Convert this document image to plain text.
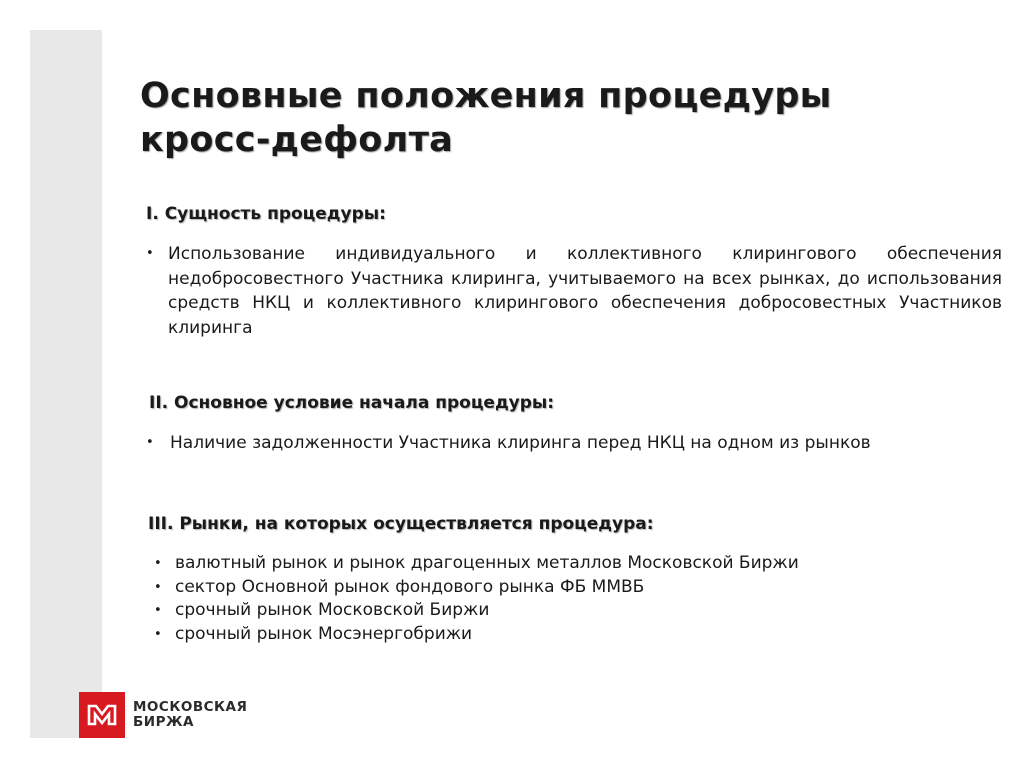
Основные положения процедуры кросс-дефолта

I. Сущность процедуры:

• Использование индивидуального и коллективного клирингового обеспечения недобросовестного Участника клиринга, учитываемого на всех рынках, до использования средств НКЦ и коллективного клирингового обеспечения добросовестных Участников клиринга

II. Основное условие начала процедуры:

• Наличие задолженности Участника клиринга перед НКЦ на одном из рынков

III. Рынки, на которых осуществляется процедура:

• валютный рынок и рынок драгоценных металлов Московской Биржи
• сектор Основной рынок фондового рынка ФБ ММВБ
• срочный рынок Московской Биржи
• срочный рынок Мосэнергобрижи
МОСКОВСКАЯ
БИРЖА
